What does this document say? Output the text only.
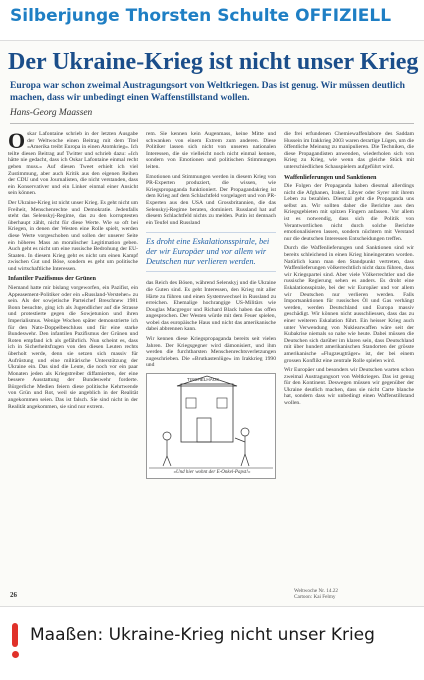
Silberjunge Thorsten Schulte OFFIZIELL
Der Ukraine-Krieg ist nicht unser Krieg
Europa war schon zweimal Austragungsort von Weltkriegen. Das ist genug. Wir müssen deutlich machen, dass wir unbedingt einen Waffenstillstand wollen.
Hans-Georg Maassen

Oskar Lafontaine schrieb in der letzten Ausgabe der Weltwoche einen Beitrag mit dem Titel «Amerika treibt Europa in einen Atomkrieg». Ich teilte diesen Beitrag auf Twitter und schrieb dazu: «Ich hätte nie gedacht, dass ich Oskar Lafontaine einmal recht geben muss.» Auf diesen Tweet erhielt ich viel Zustimmung, aber auch Kritik aus den eigenen Reihen der CDU und von Journalisten, die nicht verstanden, dass ein Konservativer und ein Linker einmal einer Ansicht sein können.

Der Ukraine-Krieg ist nicht unser Krieg. Es geht nicht um Freiheit, Menschenrechte und Demokratie. Jedenfalls steht das Selenskyj-Regime, das zu den korruptesten überhaupt zählt, nicht für diese Werte. Wie so oft bei Kriegen, in denen der Westen eine Rolle spielt, werden diese Werte vorgeschoben und sollen der unserer Seite ein höheres Mass an moralischer Legitimation geben. Auch geht es nicht um eine russische Bedrohung der EU-Staaten. In diesem Krieg geht es nicht um einen Kampf zwischen Gut und Böse, sondern es geht um politische und wirtschaftliche Interessen.

Infantiler Pazifismus der Grünen

Niemand hatte mir bislang vorgeworfen, ein Pazifist, ein Appeasement-Politiker oder ein «Russland-Versteher» zu sein. Als der sowjetische Parteichef Breschnew 1981 Bonn besuchte, ging ich als Jugendlicher auf die Strasse und protestierte gegen die Sowjetunion und ihren Imperialismus. Wenige Wochen später demonstrierte ich für den Nato-Doppelbeschluss und für eine starke Bundeswehr. Den infantilen Pazifismus der Grünen und Roten empfand ich als gefährlich. Nun scheint es, dass ich in Sicherheitsfragen von den diesen Leuten rechts überholt werde, denn sie setzen sich massiv für Aufrüstung und eine militärische Unterstützung der Ukraine ein. Das sind die Leute, die noch vor ein paar Monaten jeden als Kriegstreiber diffamierten, der eine bessere Ausstattung der Bundeswehr forderte. Bürgerliche Medien feiern diese politische Kehrtwende von Grün und Rot, weil sie angeblich in der Realität angekommen seien. Das ist falsch. Sie sind nicht in der Realität angekommen, sie sind nur extrem.

rem. Sie kennen kein Augenmass, keine Mitte und schwanken von einem Extrem zum anderen. Diese Politiker lassen sich nicht von unseren nationalen Interessen, die sie vielleicht noch nicht einmal kennen, sondern von Emotionen und politischen Stimmungen leiten.

Emotionen und Stimmungen werden in diesem Krieg von PR-Experten produziert, die wissen, wie Kriegspropaganda funktioniert. Der Propagandakrieg ist dem Krieg auf dem Schlachtfeld vorgelagert und von PR-Experten aus den USA und Grossbritannien, die das Selenskyj-Regime beraten, dominiert. Russland hat auf diesem Schlachtfeld nichts zu melden. Putin ist demnach ein Teufel und Russland

Es droht eine Eskalationsspirale, bei der wir Europäer und vor allem wir Deutschen nur verlieren werden.

das Reich des Bösen, während Selenskyj und die Ukraine die Guten sind. Es geht Interessen, den Krieg mit aller Härte zu führen und einen Systemwechsel in Russland zu erreichen. Ehemalige hochrangige US-Militärs wie Douglas Macgregor und Richard Black haben das offen angesprochen. Der Westen würde mit dem Feuer spielen, wobei das europäische Haus und nicht das amerikanische dabei abbrennen kann.

Wir kennen diese Kriegspropaganda bereits seit vielen Jahren. Der Kriegsgegner wird dämonisiert, und ihm werden die furchtbarsten Menschenrechtsverletzungen zugeschrieben. Die «Brutkastenlüge» im Irakkrieg 1990 und

TISCHELHAUS
«Und hier wohnt der E-Onkel-Papst!»

die frei erfundenen Chemiewaffenlabore des Saddam Hussein im Irakkrieg 2003 waren derartige Lügen, um die öffentliche Meinung zu manipulieren. Die Techniken, die diese Propagandisten anwenden, wiederholen sich von Krieg zu Krieg, wie wenn das gleiche Stück mit unterschiedlichen Schauspielern aufgeführt wird.

Waffenlieferungen und Sanktionen

Die Folgen der Propaganda haben diesmal allerdings nicht die Afghanen, Iraker, Libyer oder Syrer mit ihrem Leben zu bezahlen. Diesmal geht die Propaganda uns selbst an. Wir sollten daher die Berichte aus den Kriegsgebieten mit spitzen Fingern anfassen. Vor allem ist es notwendig, dass sich die Politik von Verantwortlichen nicht durch solche Berichte emotionalisieren lassen, sondern nüchtern mit Verstand nur die deutschen Interessen Entscheidungen treffen.

Durch die Waffenlieferungen und Sanktionen sind wir bereits schleichend in einen Krieg hineingeraten worden. Natürlich kann man den Standpunkt vertreten, dass Waffenlieferungen völkerrechtlich nicht dazu führen, dass wir Kriegspartei sind. Aber viele Völkerrechtler und die russische Regierung sehen es anders. Es droht eine Eskalationsspirale, bei der wir Europäer und vor allem wir Deutschen nur verlieren werden. Falls Importsanktionen für russisches Öl und Gas verhängt werden, werden Deutschland und Europa massiv geschädigt. Wir können nicht ausschliessen, dass das zu einer weiteren Eskalation führt. Ein heisser Krieg auch unter Verwendung von Nuklearwaffen wäre seit der Kubakrise niemals so nahe wie heute. Dabei müssen die Deutschen sich darüber im klaren sein, dass Deutschland mit über hundert amerikanischen Standorten der grösste amerikanische «Flugzeugträger» ist, der bei einem grossen Konflikt eine zentrale Rolle spielen wird.

Wir Europäer und besonders wir Deutschen warten schon zweimal Austragungsort von Weltkriegen. Das ist genug für den Kontinent. Deswegen müssen wir gegenüber der Ukraine deutlich machen, dass sie nicht Carte blanche hat, sondern dass wir unbedingt einen Waffenstillstand wollen.

26	Weltwoche Nr. 14.22
Cartoon: Kai Felmy
Maaßen: Ukraine-Krieg nicht unser Krieg
